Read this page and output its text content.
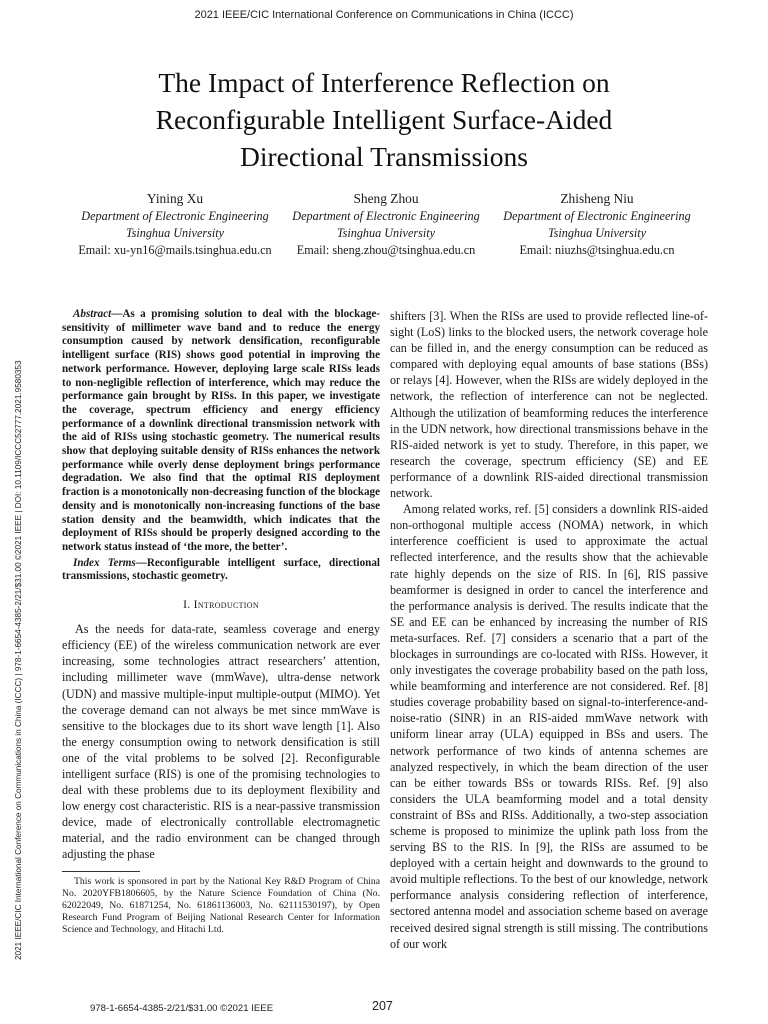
2021 IEEE/CIC International Conference on Communications in China (ICCC)
2021 IEEE/CIC International Conference on Communications in China (ICCC) | 978-1-6654-4385-2/21/$31.00 ©2021 IEEE | DOI: 10.1109/ICCC52777.2021.9580353
The Impact of Interference Reflection on
Reconfigurable Intelligent Surface-Aided
Directional Transmissions
Yining Xu
Department of Electronic Engineering
Tsinghua University
Email: xu-yn16@mails.tsinghua.edu.cn
Sheng Zhou
Department of Electronic Engineering
Tsinghua University
Email: sheng.zhou@tsinghua.edu.cn
Zhisheng Niu
Department of Electronic Engineering
Tsinghua University
Email: niuzhs@tsinghua.edu.cn

Abstract—As a promising solution to deal with the blockage-sensitivity of millimeter wave band and to reduce the energy consumption caused by network densification, reconfigurable intelligent surface (RIS) shows good potential in improving the network performance. However, deploying large scale RISs leads to non-negligible reflection of interference, which may reduce the performance gain brought by RISs. In this paper, we investigate the coverage, spectrum efficiency and energy efficiency performance of a downlink directional transmission network with the aid of RISs using stochastic geometry. The numerical results show that deploying suitable density of RISs enhances the network performance while overly dense deployment brings performance degradation. We also find that the optimal RIS deployment fraction is a monotonically non-decreasing function of the blockage density and is monotonically non-increasing functions of the base station density and the beamwidth, which indicates that the deployment of RISs should be properly designed according to the network status instead of ‘the more, the better’.

Index Terms—Reconfigurable intelligent surface, directional transmissions, stochastic geometry.

I. Introduction

As the needs for data-rate, seamless coverage and energy efficiency (EE) of the wireless communication network are ever increasing, some technologies attract researchers’ attention, including millimeter wave (mmWave), ultra-dense network (UDN) and massive multiple-input multiple-output (MIMO). Yet the coverage demand can not always be met since mmWave is sensitive to the blockages due to its short wave length [1]. Also the energy consumption owing to network densification is still one of the vital problems to be solved [2]. Reconfigurable intelligent surface (RIS) is one of the promising technologies to deal with these problems due to its deployment flexibility and low energy cost characteristic. RIS is a near-passive transmission device, made of electronically controllable electromagnetic material, and the radio environment can be changed through adjusting the phase

This work is sponsored in part by the National Key R&D Program of China No. 2020YFB1806605, by the Nature Science Foundation of China (No. 62022049, No. 61871254, No. 61861136003, No. 62111530197), by Open Research Fund Program of Beijing National Research Center for Information Science and Technology, and Hitachi Ltd.

shifters [3]. When the RISs are used to provide reflected line-of-sight (LoS) links to the blocked users, the network coverage hole can be filled in, and the energy consumption can be reduced as compared with deploying equal amounts of base stations (BSs) or relays [4]. However, when the RISs are widely deployed in the network, the reflection of interference can not be neglected. Although the utilization of beamforming reduces the interference in the UDN network, how directional transmissions behave in the RIS-aided network is yet to study. Therefore, in this paper, we research the coverage, spectrum efficiency (SE) and EE performance of a downlink RIS-aided directional transmission network.

Among related works, ref. [5] considers a downlink RIS-aided non-orthogonal multiple access (NOMA) network, in which interference coefficient is used to approximate the actual reflected interference, and the results show that the achievable rate highly depends on the size of RIS. In [6], RIS passive beamformer is designed in order to cancel the interference and the performance analysis is derived. The results indicate that the SE and EE can be enhanced by increasing the number of RIS meta-surfaces. Ref. [7] considers a scenario that a part of the blockages in surroundings are co-located with RISs. However, it only investigates the coverage probability based on the path loss, while beamforming and interference are not considered. Ref. [8] studies coverage probability based on signal-to-interference-and-noise-ratio (SINR) in an RIS-aided mmWave network with uniform linear array (ULA) equipped in BSs and users. The network performance of two kinds of antenna schemes are analyzed respectively, in which the beam direction of the user can be either towards BSs or towards RISs. Ref. [9] also considers the ULA beamforming model and a total density constraint of BSs and RISs. Additionally, a two-step association scheme is proposed to minimize the uplink path loss from the serving BS to the RIS. In [9], the RISs are assumed to be deployed with a certain height and downwards to the ground to avoid multiple reflections. To the best of our knowledge, network performance analysis considering reflection of interference, sectored antenna model and association scheme based on average received desired signal strength is still missing. The contributions of our work

978-1-6654-4385-2/21/$31.00 ©2021 IEEE	207
